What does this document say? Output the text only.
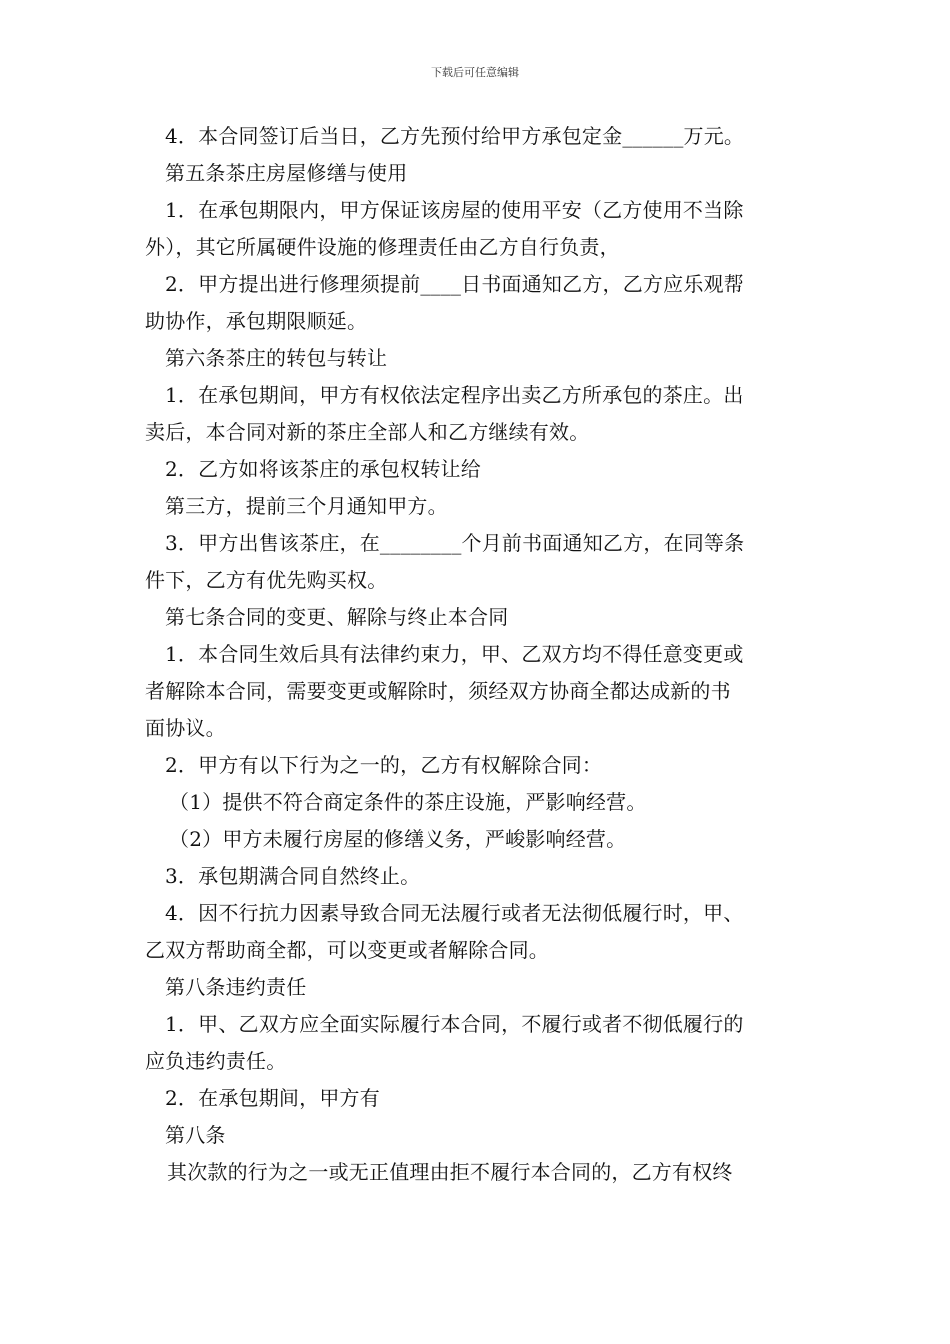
下载后可任意编辑
4．本合同签订后当日，乙方先预付给甲方承包定金______万元。
第五条茶庄房屋修缮与使用
1．在承包期限内，甲方保证该房屋的使用平安（乙方使用不当除
外），其它所属硬件设施的修理责任由乙方自行负责，
2．甲方提出进行修理须提前____日书面通知乙方，乙方应乐观帮
助协作，承包期限顺延。
第六条茶庄的转包与转让
1．在承包期间，甲方有权依法定程序出卖乙方所承包的茶庄。出
卖后，本合同对新的茶庄全部人和乙方继续有效。
2．乙方如将该茶庄的承包权转让给
第三方，提前三个月通知甲方。
3．甲方出售该茶庄，在________个月前书面通知乙方，在同等条
件下，乙方有优先购买权。
第七条合同的变更、解除与终止本合同
1．本合同生效后具有法律约束力，甲、乙双方均不得任意变更或
者解除本合同，需要变更或解除时，须经双方协商全都达成新的书
面协议。
2．甲方有以下行为之一的，乙方有权解除合同：
（1）提供不符合商定条件的茶庄设施，严影响经营。
（2）甲方未履行房屋的修缮义务，严峻影响经营。
3．承包期满合同自然终止。
4．因不行抗力因素导致合同无法履行或者无法彻低履行时，甲、
乙双方帮助商全都，可以变更或者解除合同。
第八条违约责任
1．甲、乙双方应全面实际履行本合同，不履行或者不彻低履行的
应负违约责任。
2．在承包期间，甲方有
第八条
其次款的行为之一或无正值理由拒不履行本合同的，乙方有权终
